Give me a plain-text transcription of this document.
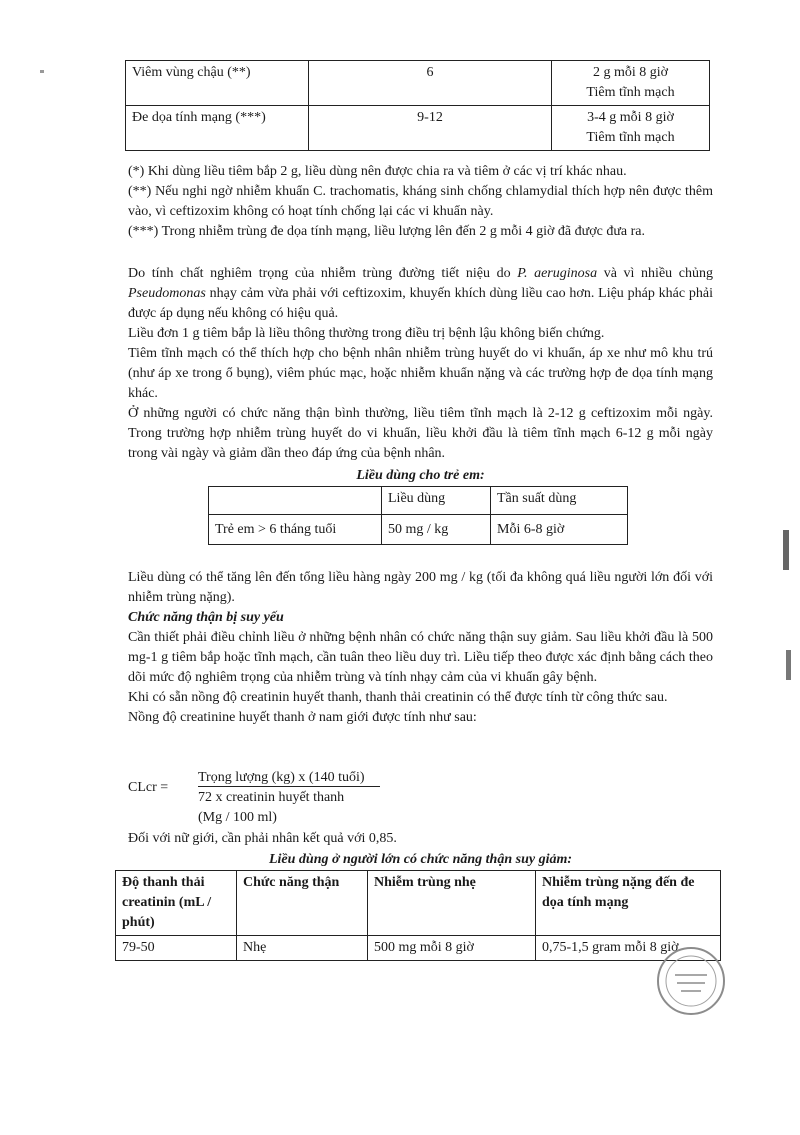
Viêm vùng chậu (**)	6	2 g mỗi 8 giờ
Tiêm tĩnh mạch

Đe dọa tính mạng (***)	9-12	3-4 g mỗi 8 giờ
Tiêm tĩnh mạch

(*) Khi dùng liều tiêm bắp 2 g, liều dùng nên được chia ra và tiêm ở các vị trí khác nhau.

(**) Nếu nghi ngờ nhiễm khuẩn C. trachomatis, kháng sinh chống chlamydial thích hợp nên được thêm vào, vì ceftizoxim không có hoạt tính chống lại các vi khuẩn này.

(***) Trong nhiễm trùng đe dọa tính mạng, liều lượng lên đến 2 g mỗi 4 giờ đã được đưa ra.

Do tính chất nghiêm trọng của nhiễm trùng đường tiết niệu do P. aeruginosa và vì nhiều chủng Pseudomonas nhạy cảm vừa phải với ceftizoxim, khuyến khích dùng liều cao hơn. Liệu pháp khác phải được áp dụng nếu không có hiệu quả.

Liều đơn 1 g tiêm bắp là liều thông thường trong điều trị bệnh lậu không biến chứng.

Tiêm tĩnh mạch có thể thích hợp cho bệnh nhân nhiễm trùng huyết do vi khuẩn, áp xe như mô khu trú (như áp xe trong ổ bụng), viêm phúc mạc, hoặc nhiễm khuẩn nặng và các trường hợp đe dọa tính mạng khác.

Ở những người có chức năng thận bình thường, liều tiêm tĩnh mạch là 2-12 g ceftizoxim mỗi ngày. Trong trường hợp nhiễm trùng huyết do vi khuẩn, liều khởi đầu là tiêm tĩnh mạch 6-12 g mỗi ngày trong vài ngày và giảm dần theo đáp ứng của bệnh nhân.

Liều dùng cho trẻ em:
	Liều dùng	Tần suất dùng
Trẻ em > 6 tháng tuổi	50 mg / kg	Mỗi 6-8 giờ

Liều dùng có thể tăng lên đến tổng liều hàng ngày 200 mg / kg (tối đa không quá liều người lớn đối với nhiễm trùng nặng).

Chức năng thận bị suy yếu

Cần thiết phải điều chỉnh liều ở những bệnh nhân có chức năng thận suy giảm. Sau liều khởi đầu là 500 mg-1 g tiêm bắp hoặc tĩnh mạch, cần tuân theo liều duy trì. Liều tiếp theo được xác định bằng cách theo dõi mức độ nghiêm trọng của nhiễm trùng và tính nhạy cảm của vi khuẩn gây bệnh.

Khi có sẵn nồng độ creatinin huyết thanh, thanh thải creatinin có thể được tính từ công thức sau.

Nồng độ creatinine huyết thanh ở nam giới được tính như sau:

CLcr =
Trọng lượng (kg) x (140 tuổi)
72 x creatinin huyết thanh
(Mg / 100 ml)
Đối với nữ giới, cần phải nhân kết quả với 0,85.
Liều dùng ở người lớn có chức năng thận suy giảm:
Độ thanh thải creatinin (mL / phút)	Chức năng thận	Nhiễm trùng nhẹ	Nhiễm trùng nặng đến đe dọa tính mạng
79-50	Nhẹ	500 mg mỗi 8 giờ	0,75-1,5 gram mỗi 8 giờ
